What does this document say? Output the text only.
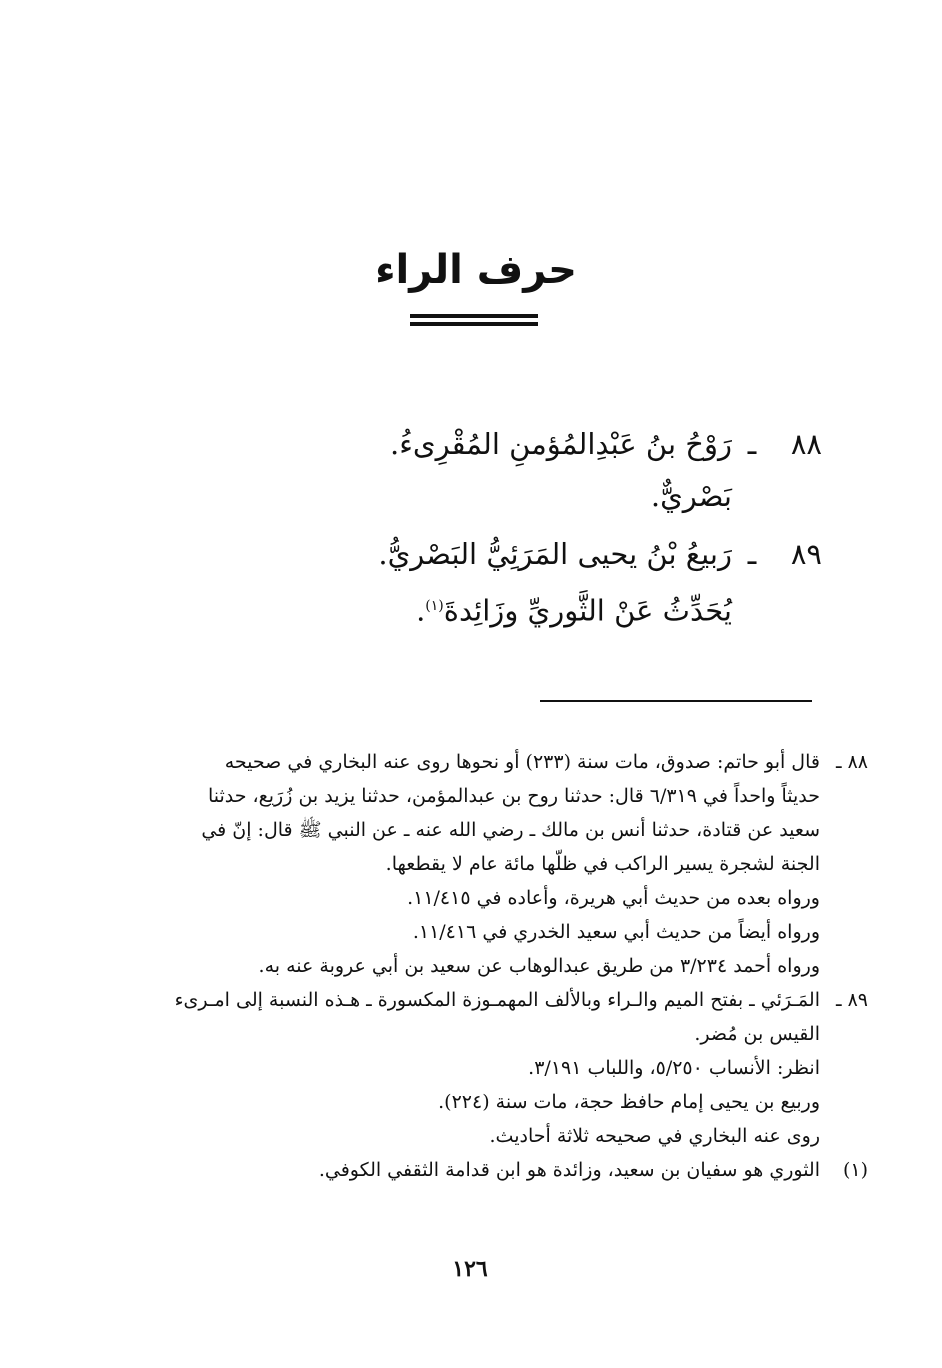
حرف الراء
٨٨
ـ
رَوْحُ بنُ عَبْدِالمُؤمنِ المُقْرِىءُ.
بَصْريٌّ.
٨٩
ـ
رَبيعُ بْنُ يحيى المَرَئِيُّ البَصْريُّ.
يُحَدِّثُ عَنْ الثَّوريِّ وزَائِدةَ$^{(١)}$.
٨٨ ـ
قال أبو حاتم: صدوق، مات سنة (٢٣٣) أو نحوها روى عنه البخاري في صحيحه
حديثاً واحداً في ٦/٣١٩ قال: حدثنا روح بن عبدالمؤمن، حدثنا يزيد بن زُرَيع، حدثنا
سعيد عن قتادة، حدثنا أنس بن مالك ـ رضي الله عنه ـ عن النبي ﷺ قال: إنّ في
الجنة لشجرة يسير الراكب في ظلّها مائة عام لا يقطعها.
ورواه بعده من حديث أبي هريرة، وأعاده في ١١/٤١٥.
ورواه أيضاً من حديث أبي سعيد الخدري في ١١/٤١٦.
ورواه أحمد ٣/٢٣٤ من طريق عبدالوهاب عن سعيد بن أبي عروبة عنه به.
٨٩ ـ
المَـرَئي ـ بفتح الميم والـراء وبالألف المهمـوزة المكسورة ـ هـذه النسبة إلى امـرىء
القيس بن مُضر.
انظر: الأنساب ٥/٢٥٠، واللباب ٣/١٩١.
وربيع بن يحيى إمام حافظ حجة، مات سنة (٢٢٤).
روى عنه البخاري في صحيحه ثلاثة أحاديث.
(١)
الثوري هو سفيان بن سعيد، وزائدة هو ابن قدامة الثقفي الكوفي.
١٢٦
